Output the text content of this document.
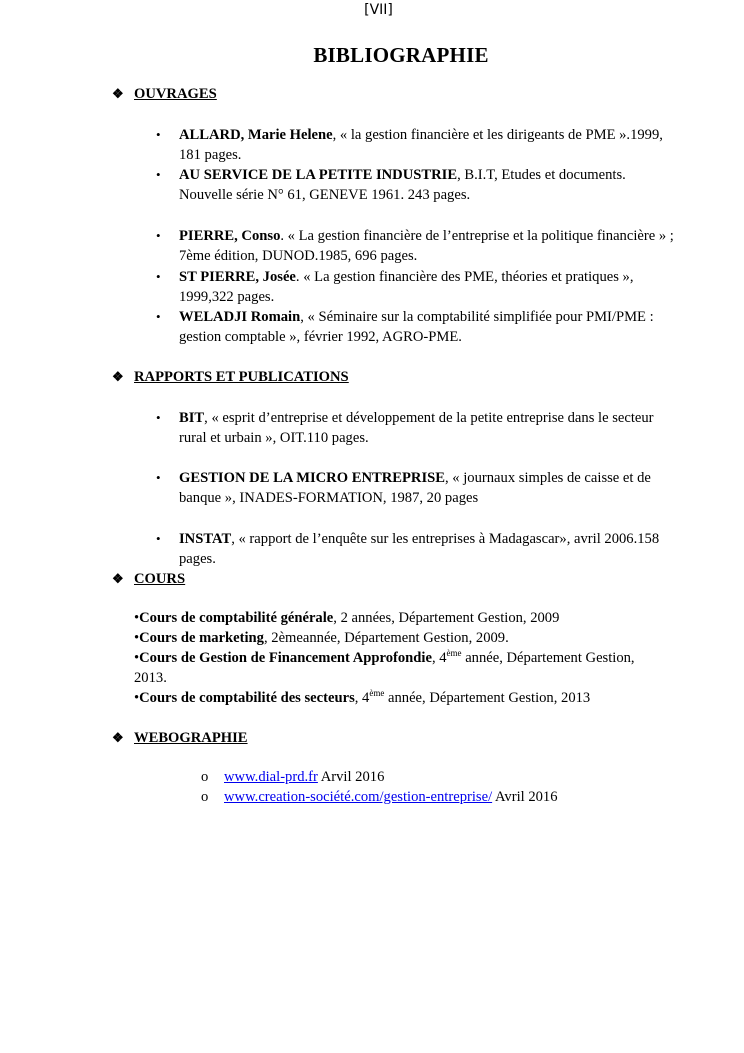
[VII]
BIBLIOGRAPHIE
❖ OUVRAGES
• ALLARD, Marie Helene, « la gestion financière et les dirigeants de PME ».1999, 181 pages.
• AU SERVICE DE LA PETITE INDUSTRIE, B.I.T, Etudes et documents. Nouvelle série N° 61, GENEVE 1961. 243 pages.
• PIERRE, Conso. « La gestion financière de l’entreprise et la politique financière » ; 7ème édition, DUNOD.1985, 696 pages.
• ST PIERRE, Josée. « La gestion financière des PME, théories et pratiques », 1999,322 pages.
• WELADJI Romain, « Séminaire sur la comptabilité simplifiée pour PMI/PME : gestion comptable », février 1992, AGRO-PME.
❖ RAPPORTS ET PUBLICATIONS
• BIT, « esprit d’entreprise et développement de la petite entreprise dans le secteur rural et urbain », OIT.110 pages.
• GESTION DE LA MICRO ENTREPRISE, « journaux simples de caisse et de banque », INADES-FORMATION, 1987, 20 pages
• INSTAT, « rapport de l’enquête sur les entreprises à Madagascar», avril 2006.158 pages.
❖ COURS
•Cours de comptabilité générale, 2 années, Département Gestion, 2009
•Cours de marketing, 2èmeannée, Département Gestion, 2009.
•Cours de Gestion de Financement Approfondie, 4ème année, Département Gestion, 2013.
•Cours de comptabilité des secteurs, 4ème année, Département Gestion, 2013
❖ WEBOGRAPHIE
o www.dial-prd.fr Arvil 2016
o www.creation-société.com/gestion-entreprise/ Avril 2016
